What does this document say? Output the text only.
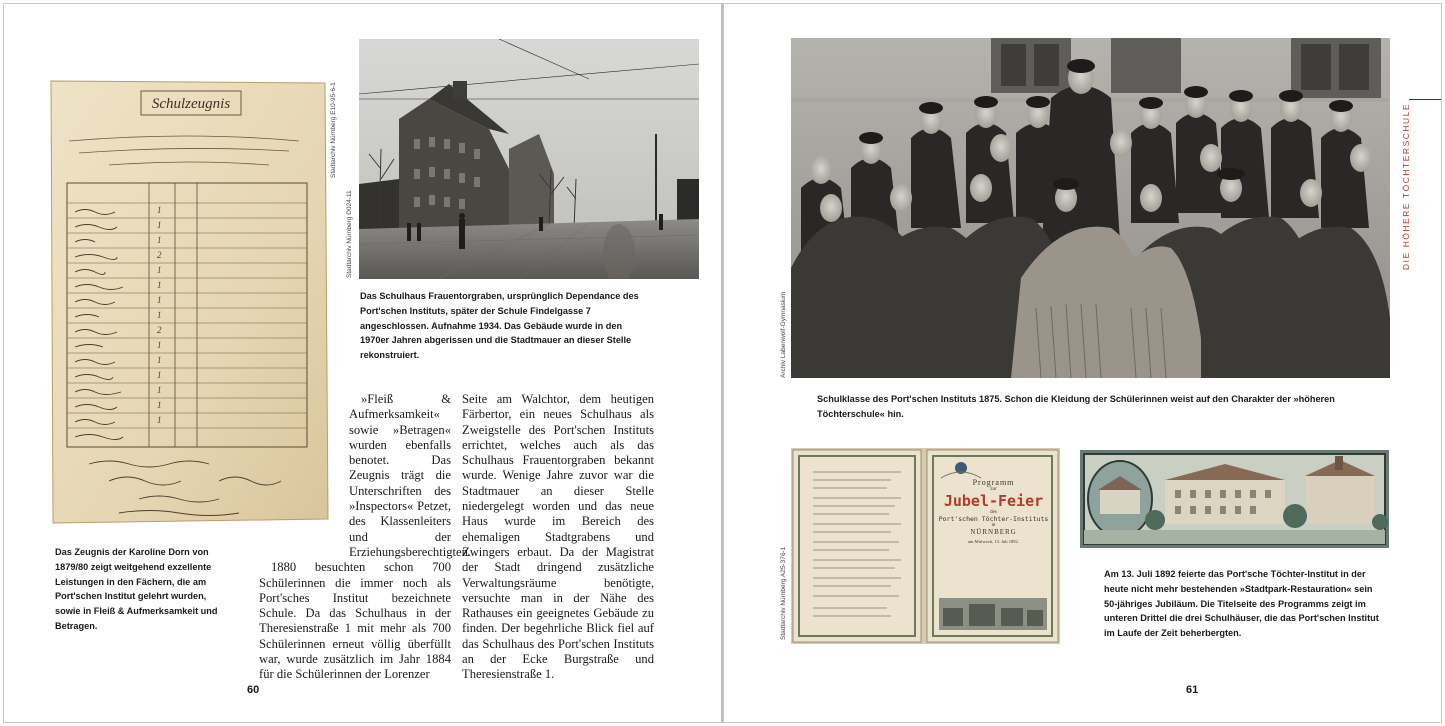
Schulzeugnis
1
1
1
2
1
1
1
1
2
1
1
1
1
1
1
Das Zeugnis der Karoline Dorn von 1879/80 zeigt weitgehend exzellente Leistungen in den Fächern, die am Port'schen Institut gelehrt wurden, sowie in Fleiß & Aufmerksamkeit und Betragen.
Stadtarchiv Nürnberg E10-95-6-1
Stadtarchiv Nürnberg D024-11
Das Schulhaus Frauentorgraben, ursprünglich Dependance des Port'schen Instituts, später der Schule Findelgasse 7 angeschlossen. Aufnahme 1934. Das Gebäude wurde in den 1970er Jahren abgerissen und die Stadtmauer an dieser Stelle rekonstruiert.

»Fleiß & Aufmerksamkeit« sowie »Betragen« wurden ebenfalls benotet. Das Zeugnis trägt die Unterschriften des »Inspectors« Petzet, des Klassenleiters und der Erziehungsberechtigten.

1880 besuchten schon 700 Schülerinnen die immer noch als Port'sches Institut bezeichnete Schule. Da das Schulhaus in der Theresienstraße 1 mit mehr als 700 Schülerinnen erneut völlig überfüllt war, wurde zusätzlich im Jahr 1884 für die Schülerinnen der Lorenzer

Seite am Walchtor, dem heutigen Färbertor, ein neues Schulhaus als Zweigstelle des Port'schen Instituts errichtet, welches auch als das Schulhaus Frauentorgraben bekannt wurde. Wenige Jahre zuvor war die Stadtmauer an dieser Stelle niedergelegt worden und das neue Haus wurde im Bereich des ehemaligen Stadtgrabens und Zwingers erbaut. Da der Magistrat der Stadt dringend zusätzliche Verwaltungsräume benötigte, versuchte man in der Nähe des Rathauses ein geeignetes Gebäude zu finden. Der begehrliche Blick fiel auf das Schulhaus des Port'schen Instituts an der Ecke Burgstraße und Theresienstraße 1.
60
DIE HÖHERE TÖCHTERSCHULE
Archiv Labenwolf-Gymnasium
Schulklasse des Port'schen Instituts 1875. Schon die Kleidung der Schülerinnen weist auf den Charakter der »höheren Töchterschule« hin.
Programm
zur
Jubel-Feier
des
Port'schen Töchter-Instituts
in
NÜRNBERG
am Mittwoch, 13. Juli 1892.
Stadtarchiv Nürnberg A25-376-1	Am 13. Juli 1892 feierte das Port'sche Töchter-Institut in der heute nicht mehr bestehenden »Stadtpark-Restauration« sein 50-jähriges Jubiläum. Die Titelseite des Programms zeigt im unteren Drittel die drei Schulhäuser, die das Port'schen Institut im Laufe der Zeit beherbergten.
61
